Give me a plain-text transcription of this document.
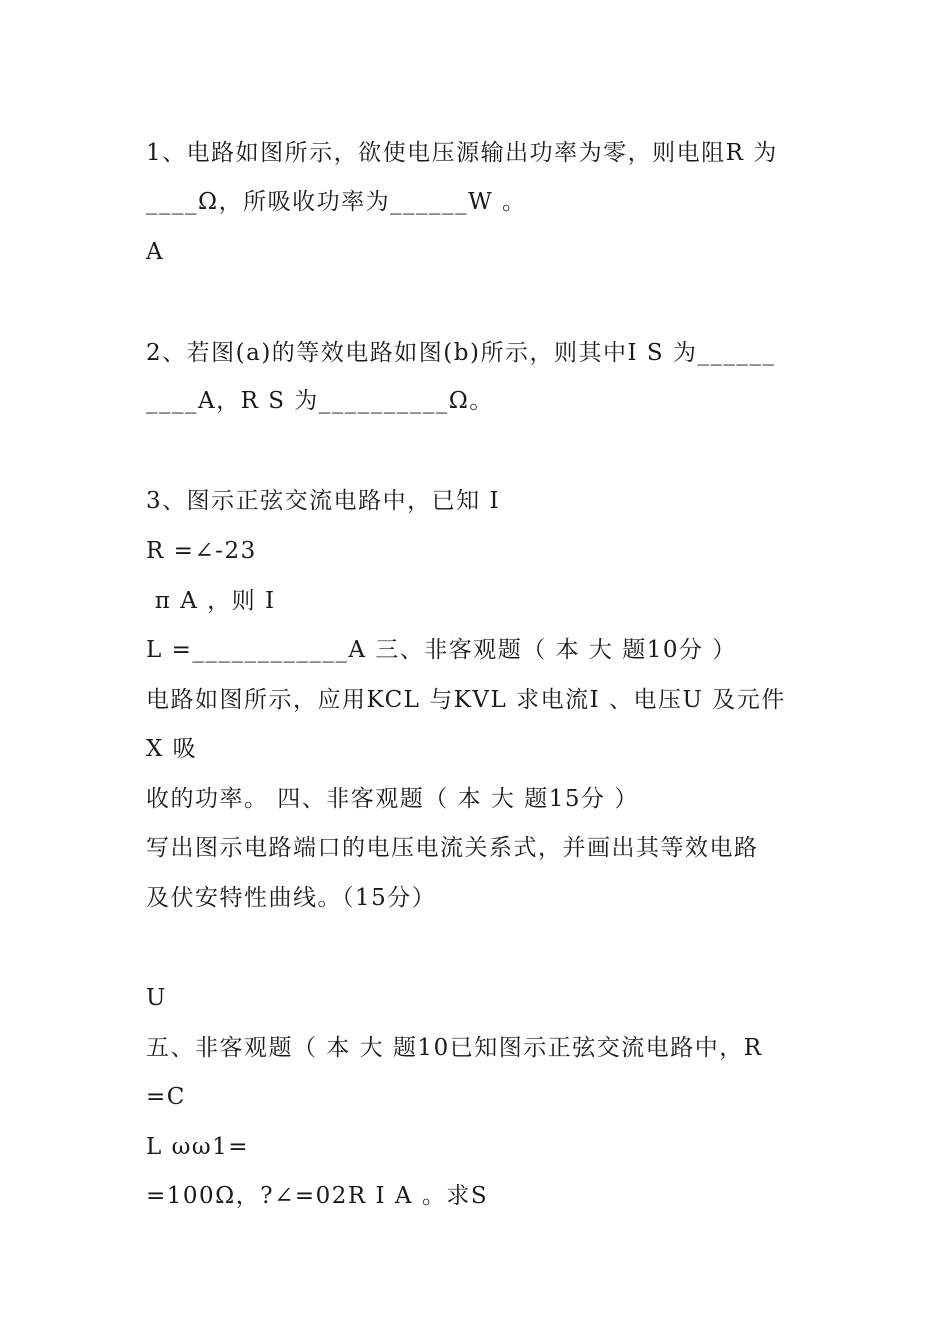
1、电路如图所示，欲使电压源输出功率为零，则电阻R 为
____Ω，所吸收功率为______W 。
A
2、若图(a)的等效电路如图(b)所示，则其中I S 为______
____A，R S 为__________Ω。
3、图示正弦交流电路中，已知 I
R =∠-23
π A ，则 I
L =____________A 三、非客观题（ 本 大 题10分 ）
电路如图所示，应用KCL 与KVL 求电流I 、电压U 及元件
X 吸
收的功率。 四、非客观题（ 本 大 题15分 ）
写出图示电路端口的电压电流关系式，并画出其等效电路
及伏安特性曲线。（15分）
U
五、非客观题（ 本 大 题10已知图示正弦交流电路中，R
=C
L ωω1=
=100Ω，?∠=02R I A 。求S
